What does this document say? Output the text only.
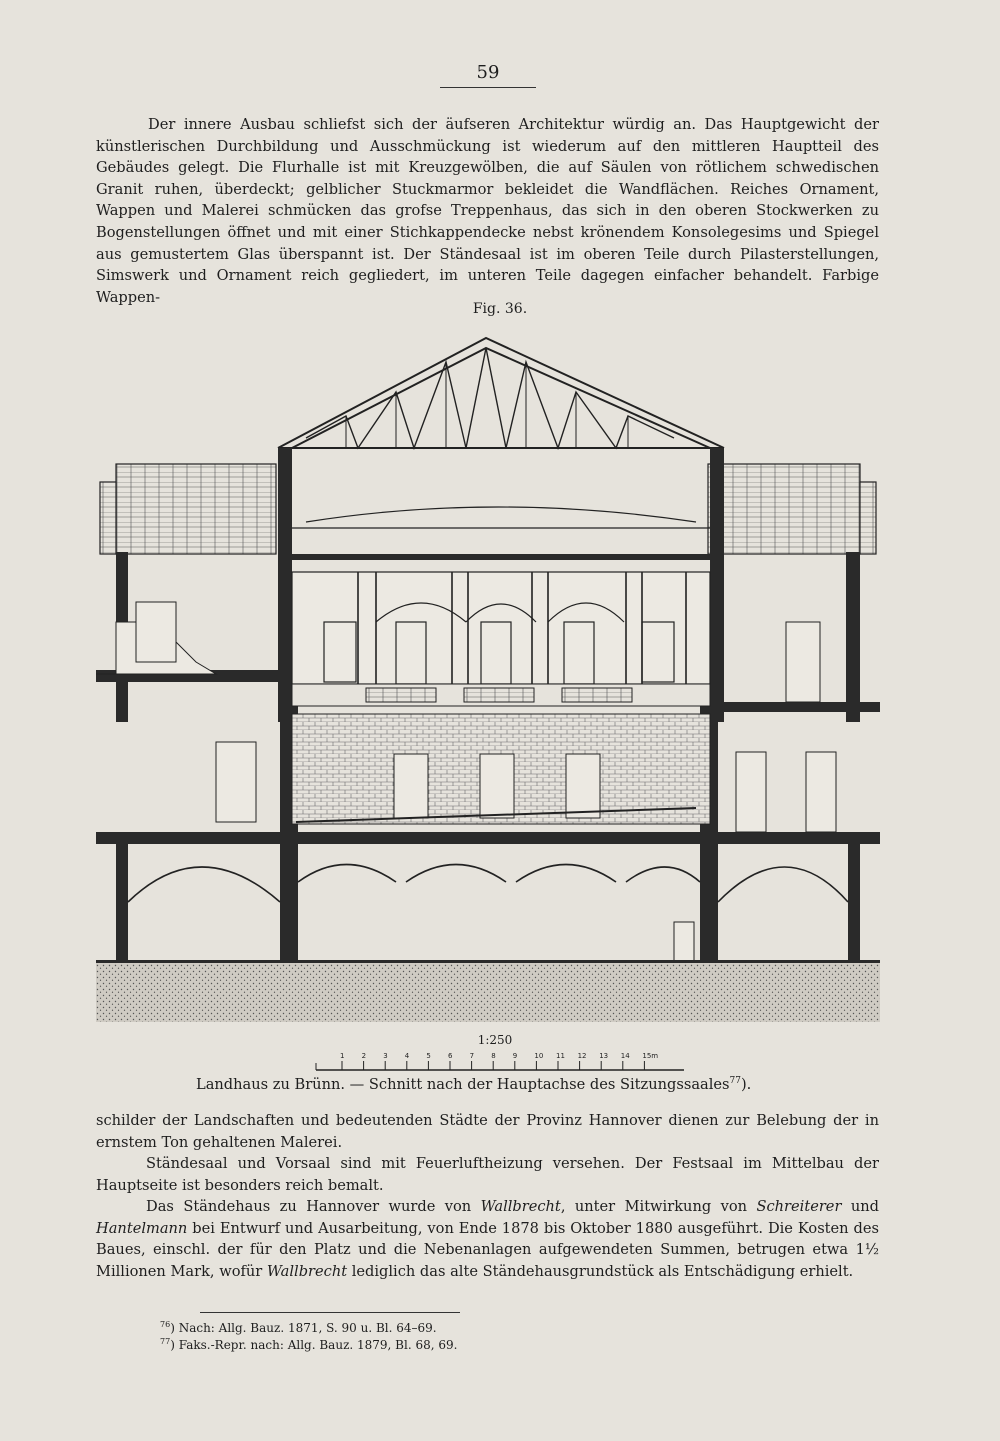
59

Der innere Ausbau schliefst sich der äufseren Architektur würdig an. Das Hauptgewicht der künstlerischen Durchbildung und Ausschmückung ist wiederum auf den mittleren Hauptteil des Gebäudes gelegt. Die Flurhalle ist mit Kreuzgewölben, die auf Säulen von rötlichem schwedischen Granit ruhen, überdeckt; gelblicher Stuckmarmor bekleidet die Wandflächen. Reiches Ornament, Wappen und Malerei schmücken das grofse Treppenhaus, das sich in den oberen Stockwerken zu Bogenstellungen öffnet und mit einer Stichkappendecke nebst krönendem Konsolegesims und Spiegel aus gemustertem Glas überspannt ist. Der Ständesaal ist im oberen Teile durch Pilasterstellungen, Simswerk und Ornament reich gegliedert, im unteren Teile dagegen einfacher behandelt. Farbige Wappen-

Fig. 36.
1:250
1 2 3 4 5 6 7 8 9 10 11 12 13 14 15m
Landhaus zu Brünn. — Schnitt nach der Hauptachse des Sitzungssaales$^{77}$).

schilder der Landschaften und bedeutenden Städte der Provinz Hannover dienen zur Belebung der in ernstem Ton gehaltenen Malerei.

Ständesaal und Vorsaal sind mit Feuerluftheizung versehen. Der Festsaal im Mittelbau der Hauptseite ist besonders reich bemalt.

Das Ständehaus zu Hannover wurde von Wallbrecht, unter Mitwirkung von Schreiterer und Hantelmann bei Entwurf und Ausarbeitung, von Ende 1878 bis Oktober 1880 ausgeführt. Die Kosten des Baues, einschl. der für den Platz und die Nebenanlagen aufgewendeten Summen, betrugen etwa 1½ Millionen Mark, wofür Wallbrecht lediglich das alte Ständehausgrundstück als Entschädigung erhielt.

$^{76}$) Nach: Allg. Bauz. 1871, S. 90 u. Bl. 64–69.
$^{77}$) Faks.-Repr. nach: Allg. Bauz. 1879, Bl. 68, 69.
